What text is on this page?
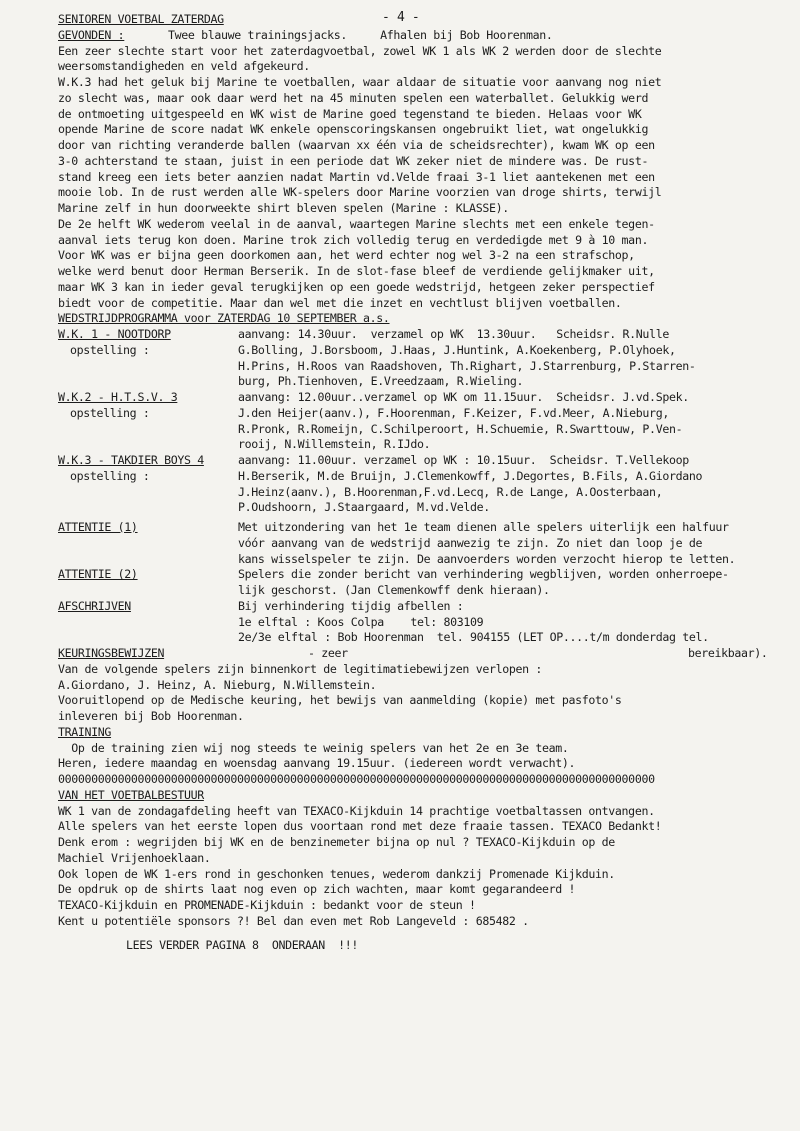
- 4 -
SENIOREN VOETBAL ZATERDAG
GEVONDEN :	Twee blauwe trainingsjacks.     Afhalen bij Bob Hoorenman.
Een zeer slechte start voor het zaterdagvoetbal, zowel WK 1 als WK 2 werden door de slechte
weersomstandigheden en veld afgekeurd.
W.K.3 had het geluk bij Marine te voetballen, waar aldaar de situatie voor aanvang nog niet
zo slecht was, maar ook daar werd het na 45 minuten spelen een waterballet. Gelukkig werd
de ontmoeting uitgespeeld en WK wist de Marine goed tegenstand te bieden. Helaas voor WK
opende Marine de score nadat WK enkele openscoringskansen ongebruikt liet, wat ongelukkig
door van richting veranderde ballen (waarvan xx één via de scheidsrechter), kwam WK op een
3-0 achterstand te staan, juist in een periode dat WK zeker niet de mindere was. De rust-
stand kreeg een iets beter aanzien nadat Martin vd.Velde fraai 3-1 liet aantekenen met een
mooie lob. In de rust werden alle WK-spelers door Marine voorzien van droge shirts, terwijl
Marine zelf in hun doorweekte shirt bleven spelen (Marine : KLASSE).
De 2e helft WK wederom veelal in de aanval, waartegen Marine slechts met een enkele tegen-
aanval iets terug kon doen. Marine trok zich volledig terug en verdedigde met 9 à 10 man.
Voor WK was er bijna geen doorkomen aan, het werd echter nog wel 3-2 na een strafschop,
welke werd benut door Herman Berserik. In de slot-fase bleef de verdiende gelijkmaker uit,
maar WK 3 kan in ieder geval terugkijken op een goede wedstrijd, hetgeen zeker perspectief
biedt voor de competitie. Maar dan wel met die inzet en vechtlust blijven voetballen.
WEDSTRIJDPROGRAMMA voor ZATERDAG 10 SEPTEMBER a.s.
W.K. 1 - NOOTDORP	aanvang: 14.30uur.  verzamel op WK  13.30uur.   Scheidsr. R.Nulle
opstelling :	G.Bolling, J.Borsboom, J.Haas, J.Huntink, A.Koekenberg, P.Olyhoek,
H.Prins, H.Roos van Raadshoven, Th.Righart, J.Starrenburg, P.Starren-
burg, Ph.Tienhoven, E.Vreedzaam, R.Wieling.
W.K.2 - H.T.S.V. 3	aanvang: 12.00uur..verzamel op WK om 11.15uur.  Scheidsr. J.vd.Spek.
opstelling :	J.den Heijer(aanv.), F.Hoorenman, F.Keizer, F.vd.Meer, A.Nieburg,
R.Pronk, R.Romeijn, C.Schilperoort, H.Schuemie, R.Swarttouw, P.Ven-
rooij, N.Willemstein, R.IJdo.
W.K.3 - TAKDIER BOYS 4	aanvang: 11.00uur. verzamel op WK : 10.15uur.  Scheidsr. T.Vellekoop
opstelling :	H.Berserik, M.de Bruijn, J.Clemenkowff, J.Degortes, B.Fils, A.Giordano
J.Heinz(aanv.), B.Hoorenman,F.vd.Lecq, R.de Lange, A.Oosterbaan,
P.Oudshoorn, J.Staargaard, M.vd.Velde.
ATTENTIE (1)	Met uitzondering van het 1e team dienen alle spelers uiterlijk een halfuur
vóór aanvang van de wedstrijd aanwezig te zijn. Zo niet dan loop je de
kans wisselspeler te zijn. De aanvoerders worden verzocht hierop te letten.
ATTENTIE (2)	Spelers die zonder bericht van verhindering wegblijven, worden onherroepe-
lijk geschorst. (Jan Clemenkowff denk hieraan).
AFSCHRIJVEN	Bij verhindering tijdig afbellen :
1e elftal : Koos Colpa    tel: 803109
2e/3e elftal : Bob Hoorenman  tel. 904155 (LET OP....t/m donderdag tel.
KEURINGSBEWIJZEN	- zeer	bereikbaar).
Van de volgende spelers zijn binnenkort de legitimatiebewijzen verlopen :
A.Giordano, J. Heinz, A. Nieburg, N.Willemstein.
Vooruitlopend op de Medische keuring, het bewijs van aanmelding (kopie) met pasfoto's
inleveren bij Bob Hoorenman.
TRAINING
Op de training zien wij nog steeds te weinig spelers van het 2e en 3e team.
Heren, iedere maandag en woensdag aanvang 19.15uur. (iedereen wordt verwacht).
000000000000000000000000000000000000000000000000000000000000000000000000000000000000000000
VAN HET VOETBALBESTUUR
WK 1 van de zondagafdeling heeft van TEXACO-Kijkduin 14 prachtige voetbaltassen ontvangen.
Alle spelers van het eerste lopen dus voortaan rond met deze fraaie tassen. TEXACO Bedankt!
Denk erom : wegrijden bij WK en de benzinemeter bijna op nul ? TEXACO-Kijkduin op de
Machiel Vrijenhoeklaan.
Ook lopen de WK 1-ers rond in geschonken tenues, wederom dankzij Promenade Kijkduin.
De opdruk op de shirts laat nog even op zich wachten, maar komt gegarandeerd !
TEXACO-Kijkduin en PROMENADE-Kijkduin : bedankt voor de steun !
Kent u potentiële sponsors ?! Bel dan even met Rob Langeveld : 685482 .
LEES VERDER PAGINA 8  ONDERAAN  !!!
